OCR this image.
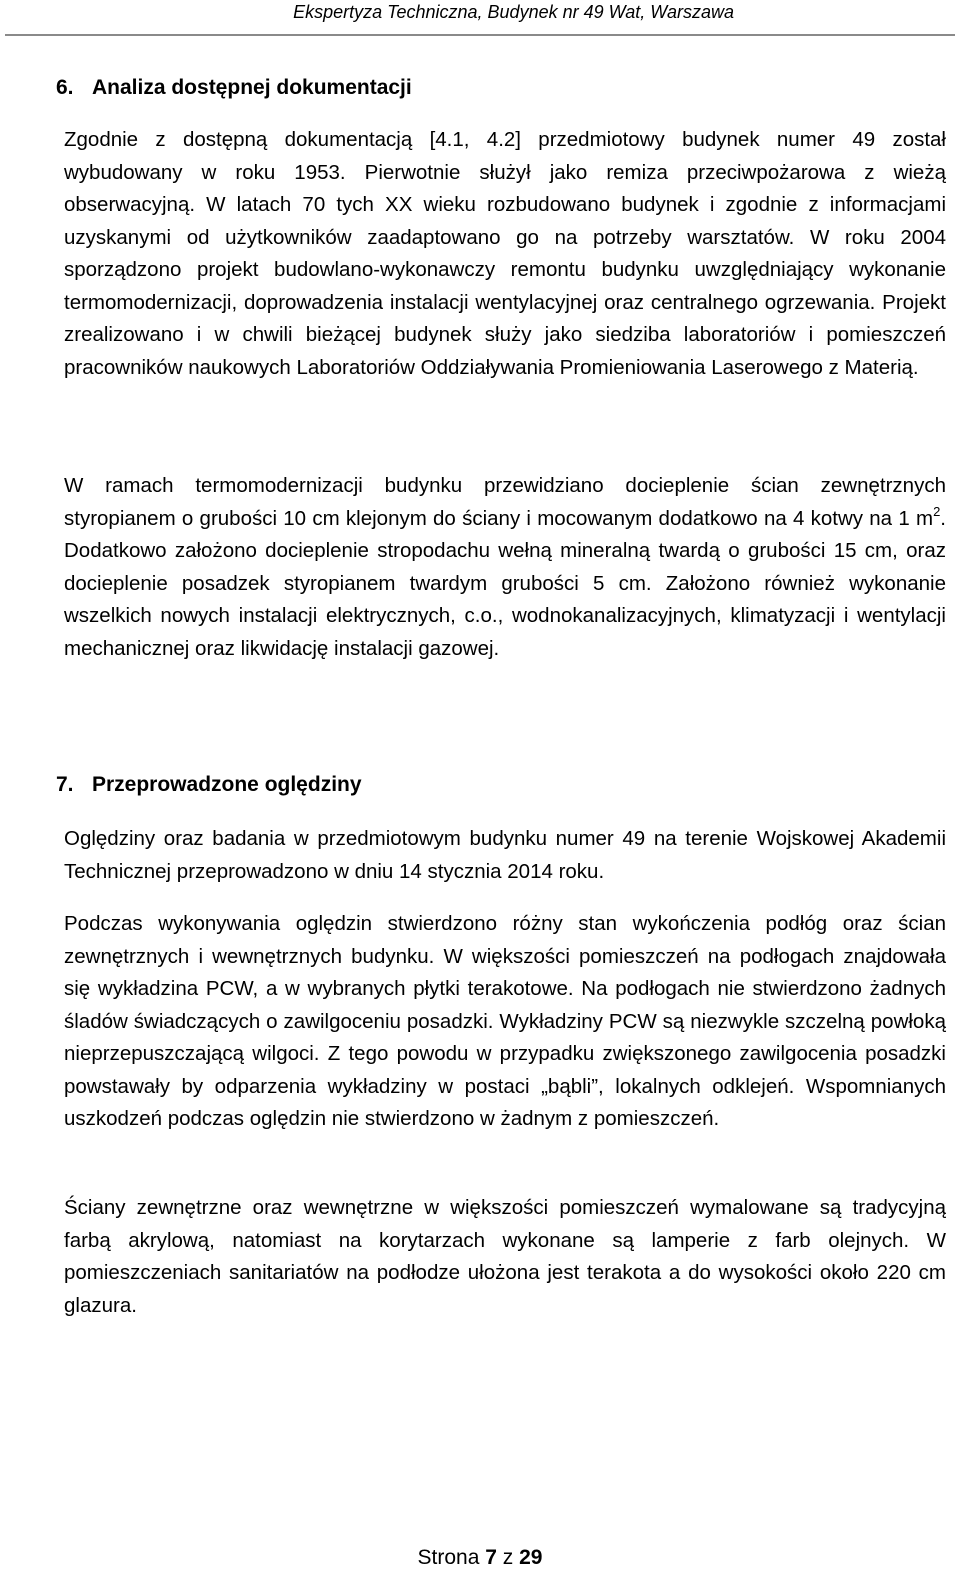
Ekspertyza Techniczna, Budynek nr 49 Wat, Warszawa
6. Analiza dostępnej dokumentacji
Zgodnie z dostępną dokumentacją [4.1, 4.2] przedmiotowy budynek numer 49 został wybudowany w roku 1953. Pierwotnie służył jako remiza przeciwpożarowa z wieżą obserwacyjną. W latach 70 tych XX wieku rozbudowano budynek i zgodnie z informacjami uzyskanymi od użytkowników zaadaptowano go na potrzeby warsztatów. W roku 2004 sporządzono projekt budowlano-wykonawczy remontu budynku uwzględniający wykonanie termomodernizacji, doprowadzenia instalacji wentylacyjnej oraz centralnego ogrzewania. Projekt zrealizowano i w chwili bieżącej budynek służy jako siedziba laboratoriów i pomieszczeń pracowników naukowych Laboratoriów Oddziaływania Promieniowania Laserowego z Materią.
W ramach termomodernizacji budynku przewidziano docieplenie ścian zewnętrznych styropianem o grubości 10 cm klejonym do ściany i mocowanym dodatkowo na 4 kotwy na 1 $m^2$. Dodatkowo założono docieplenie stropodachu wełną mineralną twardą o grubości 15 cm, oraz docieplenie posadzek styropianem twardym grubości 5 cm. Założono również wykonanie wszelkich nowych instalacji elektrycznych, c.o., wodnokanalizacyjnych, klimatyzacji i wentylacji mechanicznej oraz likwidację instalacji gazowej.
7. Przeprowadzone oględziny
Oględziny oraz badania w przedmiotowym budynku numer 49 na terenie Wojskowej Akademii Technicznej przeprowadzono w dniu 14 stycznia 2014 roku.
Podczas wykonywania oględzin stwierdzono różny stan wykończenia podłóg oraz ścian zewnętrznych i wewnętrznych budynku. W większości pomieszczeń na podłogach znajdowała się wykładzina PCW, a w wybranych płytki terakotowe. Na podłogach nie stwierdzono żadnych śladów świadczących o zawilgoceniu posadzki. Wykładziny PCW są niezwykle szczelną powłoką nieprzepuszczającą wilgoci. Z tego powodu w przypadku zwiększonego zawilgocenia posadzki powstawały by odparzenia wykładziny w postaci „bąbli”, lokalnych odklejeń. Wspomnianych uszkodzeń podczas oględzin nie stwierdzono w żadnym z pomieszczeń.
Ściany zewnętrzne oraz wewnętrzne w większości pomieszczeń wymalowane są tradycyjną farbą akrylową, natomiast na korytarzach wykonane są lamperie z farb olejnych. W pomieszczeniach sanitariatów na podłodze ułożona jest terakota a do wysokości około 220 cm glazura.
Strona 7 z 29
